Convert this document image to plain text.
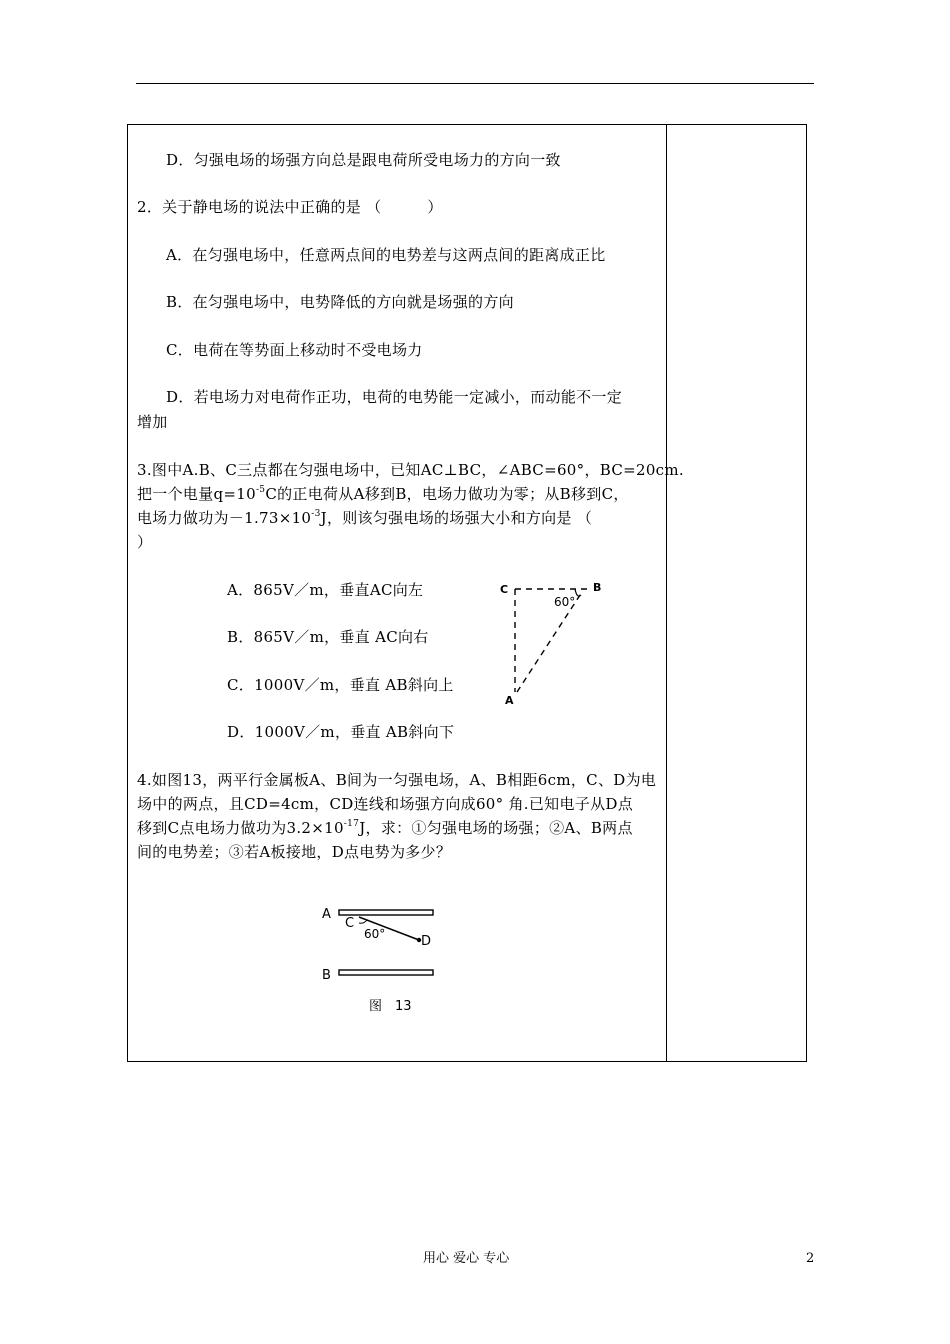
D．匀强电场的场强方向总是跟电荷所受电场力的方向一致
2．关于静电场的说法中正确的是 （　　　）
A．在匀强电场中，任意两点间的电势差与这两点间的距离成正比
B．在匀强电场中，电势降低的方向就是场强的方向
C．电荷在等势面上移动时不受电场力
D．若电场力对电荷作正功，电荷的电势能一定减小，而动能不一定
增加
3.图中A.B、C三点都在匀强电场中，已知AC⊥BC，∠ABC=60°，BC=20cm.
把一个电量$q=10^{-5}C$的正电荷从A移到B，电场力做功为零；从B移到C，
电场力做功为$-1.73\times 10^{-3}J$，则该匀强电场的场强大小和方向是 （
）
A．865V／m，垂直AC向左
B．865V／m，垂直 AC向右
C．1000V／m，垂直 AB斜向上
D．1000V／m，垂直 AB斜向下
C	B
A
60°
4.如图13，两平行金属板A、B间为一匀强电场，A、B相距6cm，C、D为电
场中的两点，且CD=4cm，CD连线和场强方向成60° 角.已知电子从D点
移到C点电场力做功为$3.2\times 10^{-17}J$，求：①匀强电场的场强；②A、B两点
间的电势差；③若A板接地，D点电势为多少？
A
C
60°	D
B
图　13
用心 爱心 专心	2
